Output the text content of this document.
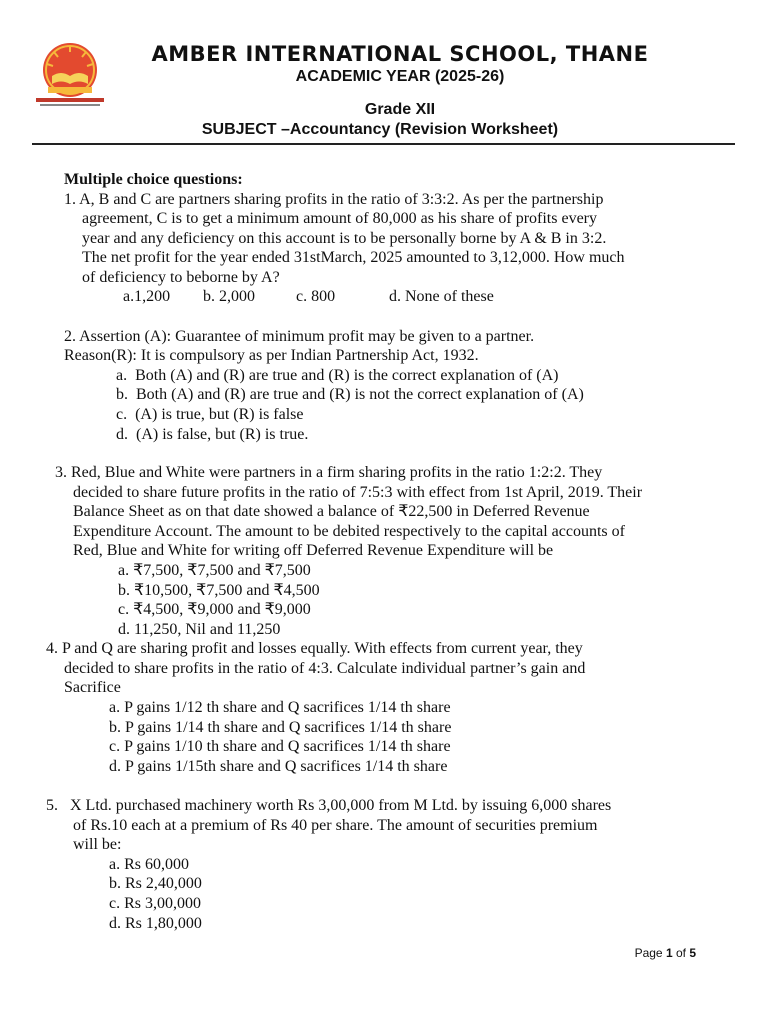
AMBER INTERNATIONAL SCHOOL, THANE
ACADEMIC YEAR (2025-26)
Grade XII
SUBJECT –Accountancy (Revision Worksheet)
Multiple choice questions:
1. A, B and C are partners sharing profits in the ratio of 3:3:2. As per the partnership
agreement, C is to get a minimum amount of 80,000 as his share of profits every
year and any deficiency on this account is to be personally borne by A & B in 3:2.
The net profit for the year ended 31stMarch, 2025 amounted to 3,12,000. How much
of deficiency to beborne by A?
a.1,200 b. 2,000	c. 800	d. None of these
2. Assertion (A): Guarantee of minimum profit may be given to a partner.
Reason(R): It is compulsory as per Indian Partnership Act, 1932.
a.  Both (A) and (R) are true and (R) is the correct explanation of (A)
b.  Both (A) and (R) are true and (R) is not the correct explanation of (A)
c.  (A) is true, but (R) is false
d.  (A) is false, but (R) is true.
3. Red, Blue and White were partners in a firm sharing profits in the ratio 1:2:2. They
decided to share future profits in the ratio of 7:5:3 with effect from 1st April, 2019. Their
Balance Sheet as on that date showed a balance of ₹22,500 in Deferred Revenue
Expenditure Account. The amount to be debited respectively to the capital accounts of
Red, Blue and White for writing off Deferred Revenue Expenditure will be
a. ₹7,500, ₹7,500 and ₹7,500
b. ₹10,500, ₹7,500 and ₹4,500
c. ₹4,500, ₹9,000 and ₹9,000
d. 11,250, Nil and 11,250
4. P and Q are sharing profit and losses equally. With effects from current year, they
decided to share profits in the ratio of 4:3. Calculate individual partner’s gain and
Sacrifice
a. P gains 1/12 th share and Q sacrifices 1/14 th share
b. P gains 1/14 th share and Q sacrifices 1/14 th share
c. P gains 1/10 th share and Q sacrifices 1/14 th share
d. P gains 1/15th share and Q sacrifices 1/14 th share
5.   X Ltd. purchased machinery worth Rs 3,00,000 from M Ltd. by issuing 6,000 shares
of Rs.10 each at a premium of Rs 40 per share. The amount of securities premium
will be:
a. Rs 60,000
b. Rs 2,40,000
c. Rs 3,00,000
d. Rs 1,80,000
Page 1 of 5
